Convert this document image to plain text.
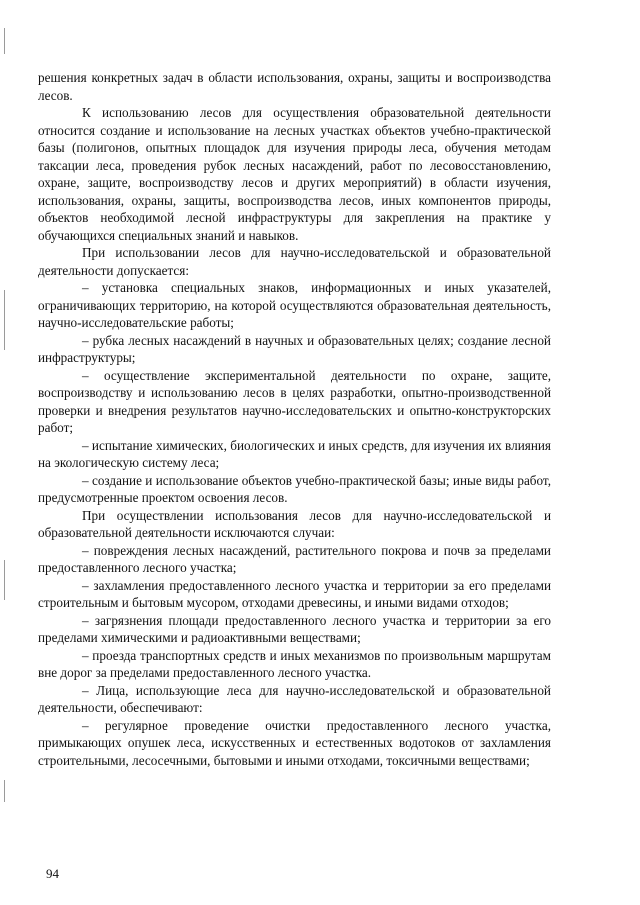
решения конкретных задач в области использования, охраны, защиты и воспроизводства лесов.

К использованию лесов для осуществления образовательной деятельности относится создание и использование на лесных участках объектов учебно-практической базы (полигонов, опытных площадок для изучения природы леса, обучения методам таксации леса, проведения рубок лесных насаждений, работ по лесовосстановлению, охране, защите, воспроизводству лесов и других мероприятий) в области изучения, использования, охраны, защиты, воспроизводства лесов, иных компонентов природы, объектов необходимой лесной инфраструктуры для закрепления на практике у обучающихся специальных знаний и навыков.

При использовании лесов для научно-исследовательской и образовательной деятельности допускается:

– установка специальных знаков, информационных и иных указателей, ограничивающих территорию, на которой осуществляются образовательная деятельность, научно-исследовательские работы;

– рубка лесных насаждений в научных и образовательных целях; создание лесной инфраструктуры;

– осуществление экспериментальной деятельности по охране, защите, воспроизводству и использованию лесов в целях разработки, опытно-производственной проверки и внедрения результатов научно-исследовательских и опытно-конструкторских работ;

– испытание химических, биологических и иных средств, для изучения их влияния на экологическую систему леса;

– создание и использование объектов учебно-практической базы; иные виды работ, предусмотренные проектом освоения лесов.

При осуществлении использования лесов для научно-исследовательской и образовательной деятельности исключаются случаи:

– повреждения лесных насаждений, растительного покрова и почв за пределами предоставленного лесного участка;

– захламления предоставленного лесного участка и территории за его пределами строительным и бытовым мусором, отходами древесины, и иными видами отходов;

– загрязнения площади предоставленного лесного участка и территории за его пределами химическими и радиоактивными веществами;

– проезда транспортных средств и иных механизмов по произвольным маршрутам вне дорог за пределами предоставленного лесного участка.

– Лица, использующие леса для научно-исследовательской и образовательной деятельности, обеспечивают:

– регулярное проведение очистки предоставленного лесного участка, примыкающих опушек леса, искусственных и естественных водотоков от захламления строительными, лесосечными, бытовыми и иными отходами, токсичными веществами;

94
